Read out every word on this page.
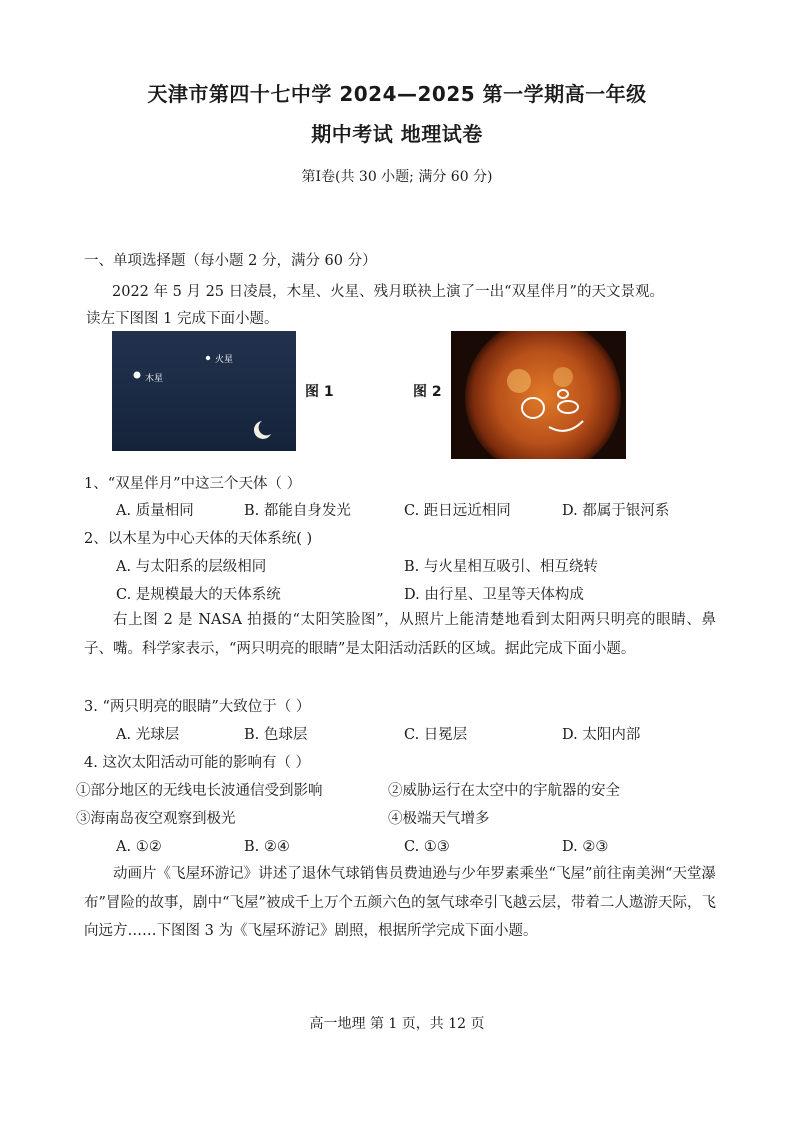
天津市第四十七中学 2024—2025 第一学期高一年级
期中考试 地理试卷
第Ⅰ卷(共 30 小题; 满分 60 分)
一、单项选择题（每小题 2 分，满分 60 分）
2022 年 5 月 25 日凌晨，木星、火星、残月联袂上演了一出“双星伴月”的天文景观。
读左下图图 1 完成下面小题。
木星
火星
图 1	图 2
1、“双星伴月”中这三个天体（ ）
A. 质量相同	B. 都能自身发光	C. 距日远近相同	D. 都属于银河系
2、以木星为中心天体的天体系统( )
A. 与太阳系的层级相同	B. 与火星相互吸引、相互绕转
C. 是规模最大的天体系统	D. 由行星、卫星等天体构成
右上图 2 是 NASA 拍摄的“太阳笑脸图”，从照片上能清楚地看到太阳两只明亮的眼睛、鼻子、嘴。科学家表示，“两只明亮的眼睛”是太阳活动活跃的区域。据此完成下面小题。
3. “两只明亮的眼睛”大致位于（ ）
A. 光球层	B. 色球层	C. 日冕层	D. 太阳内部
4. 这次太阳活动可能的影响有（ ）
①部分地区的无线电长波通信受到影响	②威胁运行在太空中的宇航器的安全
③海南岛夜空观察到极光	④极端天气增多
A. ①②	B. ②④	C. ①③	D. ②③
动画片《飞屋环游记》讲述了退休气球销售员费迪逊与少年罗素乘坐“飞屋”前往南美洲“天堂瀑布”冒险的故事，剧中“飞屋”被成千上万个五颜六色的氢气球牵引飞越云层，带着二人遨游天际，飞向远方……下图图 3 为《飞屋环游记》剧照，根据所学完成下面小题。
高一地理 第 1 页，共 12 页
